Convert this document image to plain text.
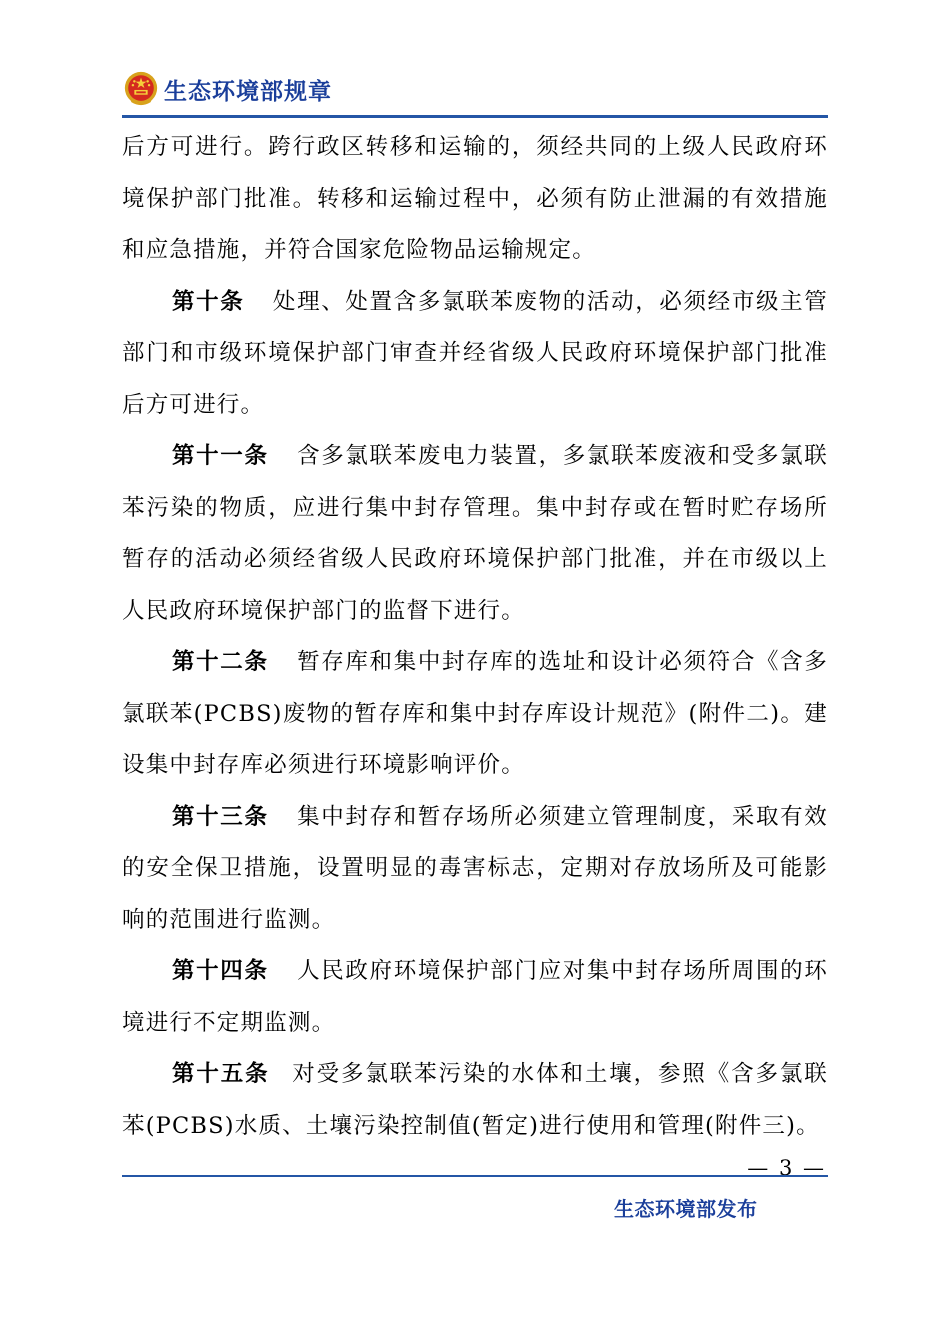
生态环境部规章

后方可进行。跨行政区转移和运输的，须经共同的上级人民政府环境保护部门批准。转移和运输过程中，必须有防止泄漏的有效措施和应急措施，并符合国家危险物品运输规定。

第十条 处理、处置含多氯联苯废物的活动，必须经市级主管部门和市级环境保护部门审查并经省级人民政府环境保护部门批准后方可进行。

第十一条 含多氯联苯废电力装置，多氯联苯废液和受多氯联苯污染的物质，应进行集中封存管理。集中封存或在暂时贮存场所暂存的活动必须经省级人民政府环境保护部门批准，并在市级以上人民政府环境保护部门的监督下进行。

第十二条 暂存库和集中封存库的选址和设计必须符合《含多氯联苯(PCBS)废物的暂存库和集中封存库设计规范》(附件二)。建设集中封存库必须进行环境影响评价。

第十三条 集中封存和暂存场所必须建立管理制度，采取有效的安全保卫措施，设置明显的毒害标志，定期对存放场所及可能影响的范围进行监测。

第十四条 人民政府环境保护部门应对集中封存场所周围的环境进行不定期监测。

第十五条 对受多氯联苯污染的水体和土壤，参照《含多氯联苯(PCBS)水质、土壤污染控制值(暂定)进行使用和管理(附件三)。

— 3 —
生态环境部发布
